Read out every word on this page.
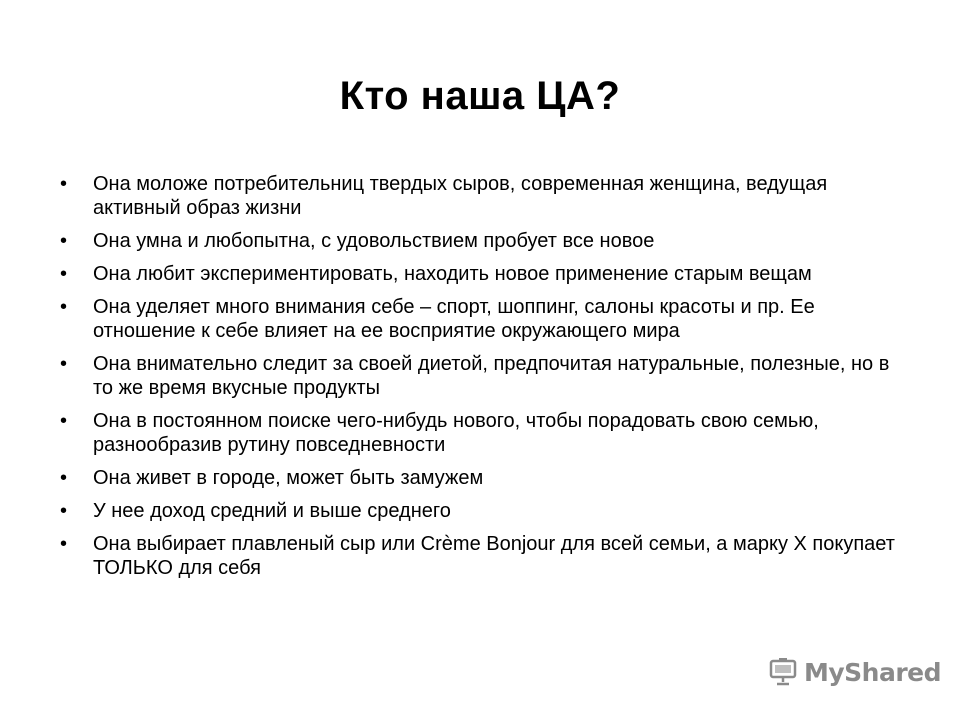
Кто наша ЦА?
•	Она моложе потребительниц твердых сыров, современная женщина, ведущая активный образ жизни
•	Она умна и любопытна, с удовольствием пробует все новое
•	Она любит экспериментировать, находить новое применение старым вещам
•	Она уделяет много внимания себе – спорт, шоппинг, салоны красоты и пр. Ее отношение к себе влияет на ее восприятие окружающего мира
•	Она внимательно следит за своей диетой, предпочитая натуральные, полезные, но в то же время вкусные продукты
•	Она в постоянном поиске чего-нибудь нового, чтобы порадовать свою семью, разнообразив рутину повседневности
•	Она живет в городе, может быть замужем
•	У нее доход средний и выше среднего
•	Она выбирает плавленый сыр или Crème Bonjour для всей семьи, а марку Х покупает ТОЛЬКО для себя
MyShared
